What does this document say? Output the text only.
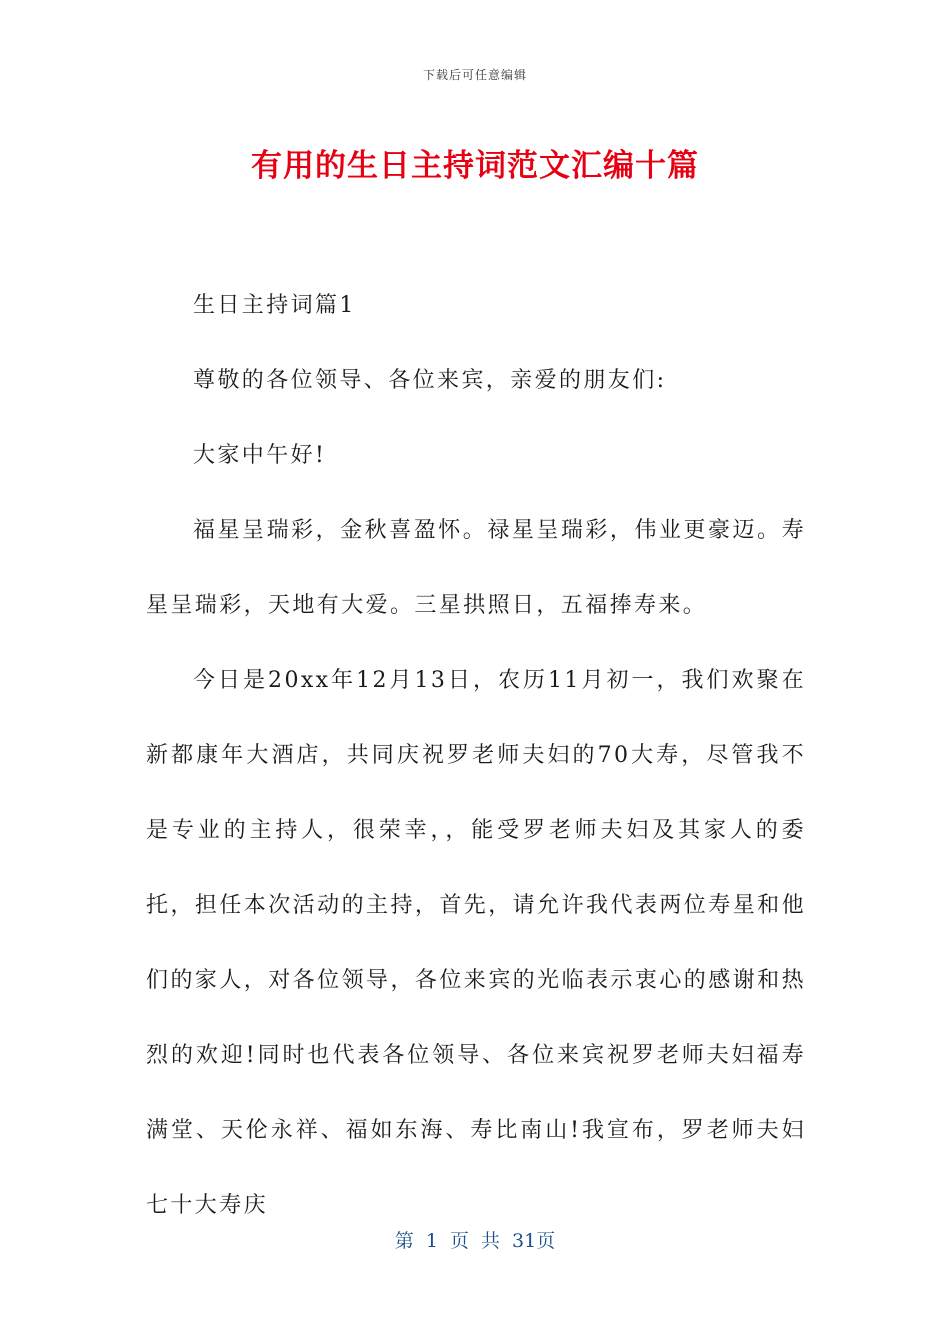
下载后可任意编辑
有用的生日主持词范文汇编十篇

生日主持词篇1

尊敬的各位领导、各位来宾，亲爱的朋友们:

大家中午好!

福星呈瑞彩，金秋喜盈怀。禄星呈瑞彩，伟业更豪迈。寿星呈瑞彩，天地有大爱。三星拱照日，五福捧寿来。

今日是20xx年12月13日，农历11月初一，我们欢聚在新都康年大酒店，共同庆祝罗老师夫妇的70大寿，尽管我不是专业的主持人，很荣幸，，能受罗老师夫妇及其家人的委托，担任本次活动的主持，首先，请允许我代表两位寿星和他们的家人，对各位领导，各位来宾的光临表示衷心的感谢和热烈的欢迎!同时也代表各位领导、各位来宾祝罗老师夫妇福寿满堂、天伦永祥、福如东海、寿比南山!我宣布，罗老师夫妇七十大寿庆

第 1 页 共 31页
